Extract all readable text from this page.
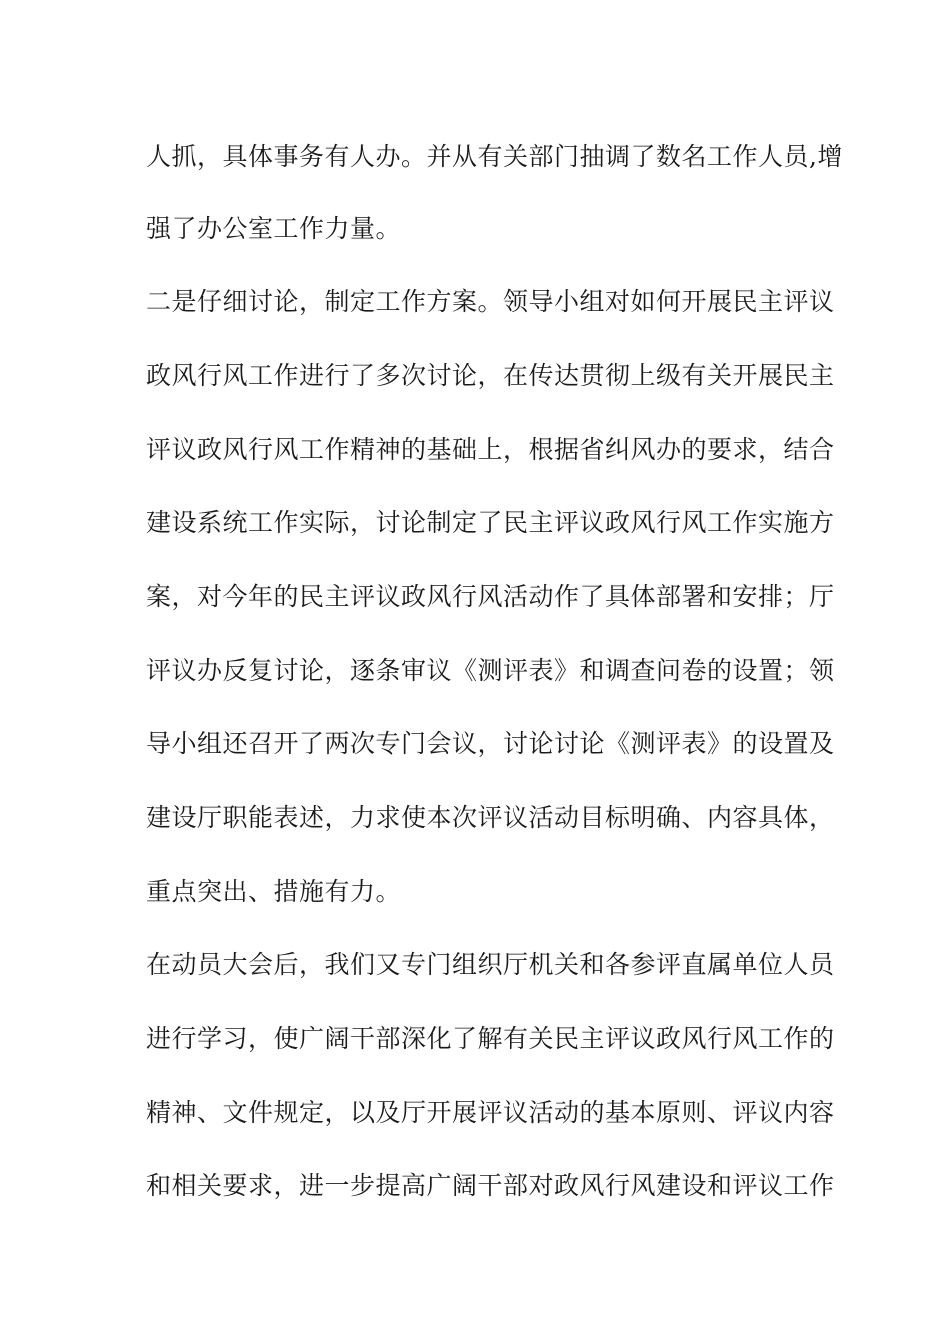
人抓，具体事务有人办。并从有关部门抽调了数名工作人员,增
强了办公室工作力量。
二是仔细讨论，制定工作方案。领导小组对如何开展民主评议
政风行风工作进行了多次讨论，在传达贯彻上级有关开展民主
评议政风行风工作精神的基础上，根据省纠风办的要求，结合
建设系统工作实际，讨论制定了民主评议政风行风工作实施方
案，对今年的民主评议政风行风活动作了具体部署和安排；厅
评议办反复讨论，逐条审议《测评表》和调查问卷的设置；领
导小组还召开了两次专门会议，讨论讨论《测评表》的设置及
建设厅职能表述，力求使本次评议活动目标明确、内容具体，
重点突出、措施有力。
在动员大会后，我们又专门组织厅机关和各参评直属单位人员
进行学习，使广阔干部深化了解有关民主评议政风行风工作的
精神、文件规定，以及厅开展评议活动的基本原则、评议内容
和相关要求，进一步提高广阔干部对政风行风建设和评议工作
